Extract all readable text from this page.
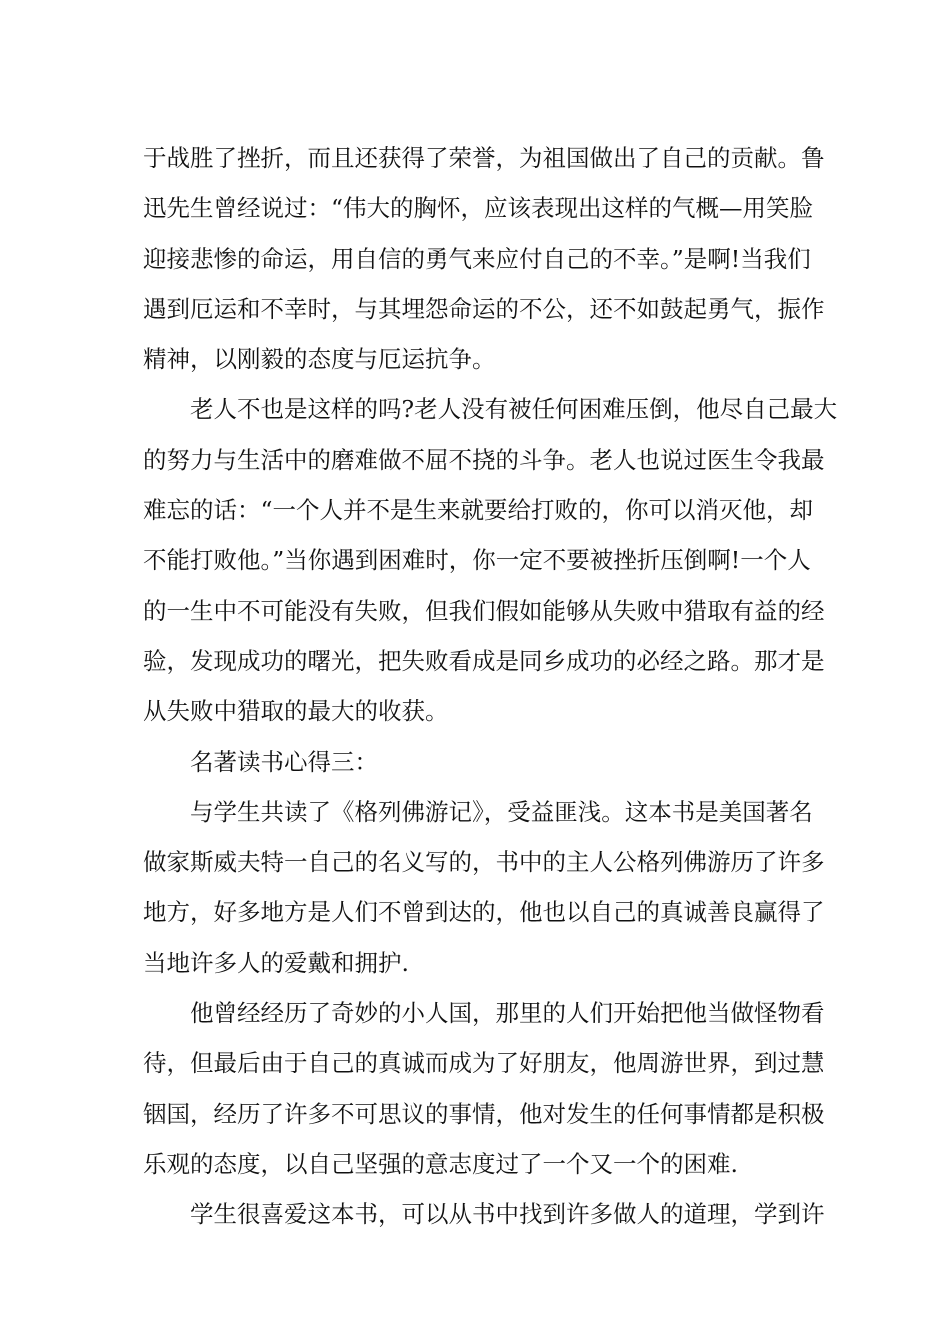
于战胜了挫折，而且还获得了荣誉，为祖国做出了自己的贡献。鲁
迅先生曾经说过：“伟大的胸怀，应该表现出这样的气概—用笑脸
迎接悲惨的命运，用自信的勇气来应付自己的不幸。”是啊!当我们
遇到厄运和不幸时，与其埋怨命运的不公，还不如鼓起勇气，振作
精神，以刚毅的态度与厄运抗争。
老人不也是这样的吗?老人没有被任何困难压倒，他尽自己最大
的努力与生活中的磨难做不屈不挠的斗争。老人也说过医生令我最
难忘的话：“一个人并不是生来就要给打败的，你可以消灭他，却
不能打败他。”当你遇到困难时，你一定不要被挫折压倒啊!一个人
的一生中不可能没有失败，但我们假如能够从失败中猎取有益的经
验，发现成功的曙光，把失败看成是同乡成功的必经之路。那才是
从失败中猎取的最大的收获。
名著读书心得三：
与学生共读了《格列佛游记》，受益匪浅。这本书是美国著名
做家斯威夫特一自己的名义写的，书中的主人公格列佛游历了许多
地方，好多地方是人们不曾到达的，他也以自己的真诚善良赢得了
当地许多人的爱戴和拥护.
他曾经经历了奇妙的小人国，那里的人们开始把他当做怪物看
待，但最后由于自己的真诚而成为了好朋友，他周游世界，到过慧
铟国，经历了许多不可思议的事情，他对发生的任何事情都是积极
乐观的态度，以自己坚强的意志度过了一个又一个的困难.
学生很喜爱这本书，可以从书中找到许多做人的道理，学到许
